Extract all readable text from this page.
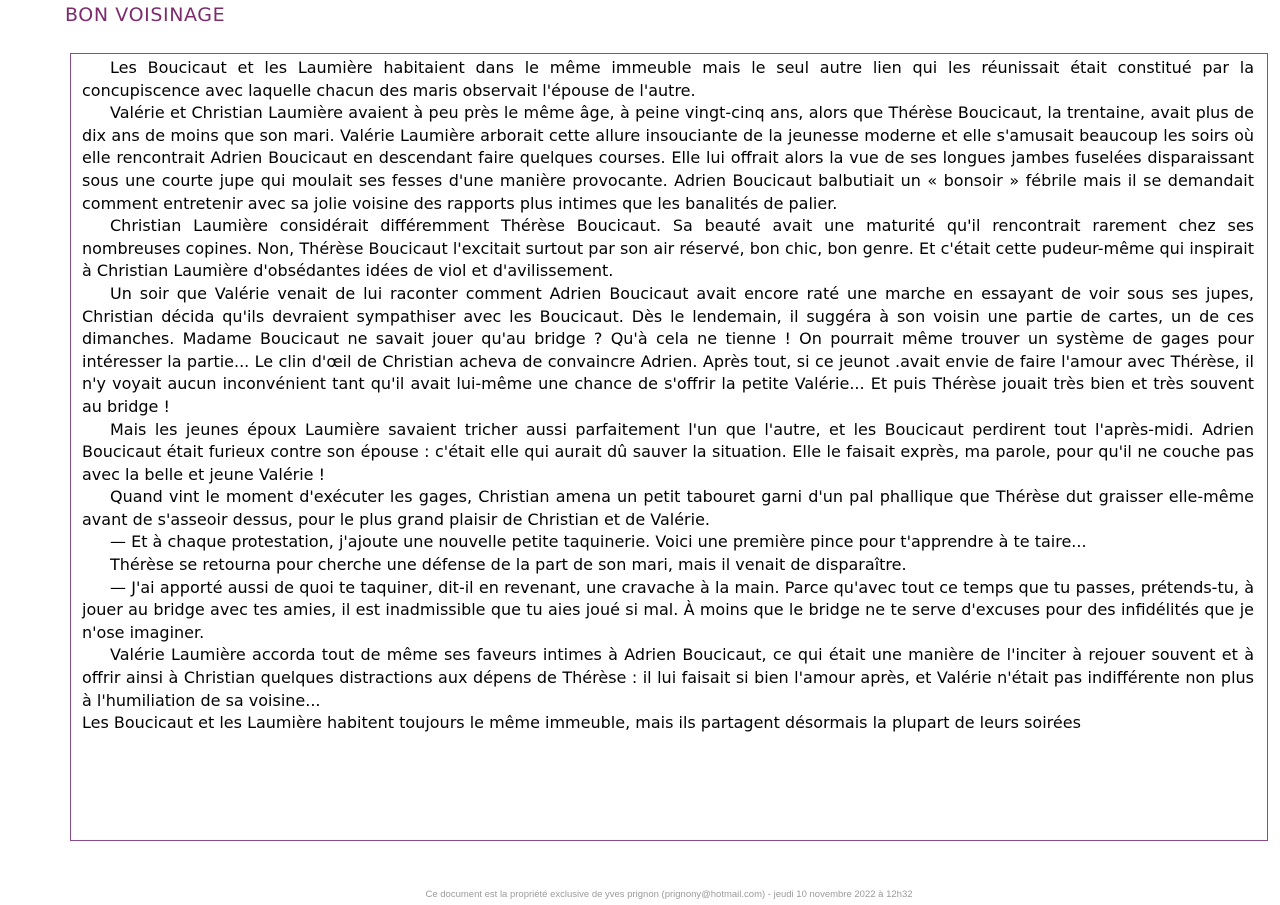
BON VOISINAGE

Les Boucicaut et les Laumière habitaient dans le même immeuble mais le seul autre lien qui les réunissait était constitué par la concupiscence avec laquelle chacun des maris observait l'épouse de l'autre.

Valérie et Christian Laumière avaient à peu près le même âge, à peine vingt-cinq ans, alors que Thérèse Boucicaut, la trentaine, avait plus de dix ans de moins que son mari. Valérie Laumière arborait cette allure insouciante de la jeunesse moderne et elle s'amusait beaucoup les soirs où elle rencontrait Adrien Boucicaut en descendant faire quelques courses. Elle lui offrait alors la vue de ses longues jambes fuselées disparaissant sous une courte jupe qui moulait ses fesses d'une manière provocante. Adrien Boucicaut balbutiait un « bonsoir » fébrile mais il se demandait comment entretenir avec sa jolie voisine des rapports plus intimes que les banalités de palier.

Christian Laumière considérait différemment Thérèse Boucicaut. Sa beauté avait une maturité qu'il rencontrait rarement chez ses nombreuses copines. Non, Thérèse Boucicaut l'excitait surtout par son air réservé, bon chic, bon genre. Et c'était cette pudeur-même qui inspirait à Christian Laumière d'obsédantes idées de viol et d'avilissement.

Un soir que Valérie venait de lui raconter comment Adrien Boucicaut avait encore raté une marche en essayant de voir sous ses jupes, Christian décida qu'ils devraient sympathiser avec les Boucicaut. Dès le lendemain, il suggéra à son voisin une partie de cartes, un de ces dimanches. Madame Boucicaut ne savait jouer qu'au bridge ? Qu'à cela ne tienne ! On pourrait même trouver un système de gages pour intéresser la partie... Le clin d'œil de Christian acheva de convaincre Adrien. Après tout, si ce jeunot .avait envie de faire l'amour avec Thérèse, il n'y voyait aucun inconvénient tant qu'il avait lui-même une chance de s'offrir la petite Valérie... Et puis Thérèse jouait très bien et très souvent au bridge !

Mais les jeunes époux Laumière savaient tricher aussi parfaitement l'un que l'autre, et les Boucicaut perdirent tout l'après-midi. Adrien Boucicaut était furieux contre son épouse : c'était elle qui aurait dû sauver la situation. Elle le faisait exprès, ma parole, pour qu'il ne couche pas avec la belle et jeune Valérie !

Quand vint le moment d'exécuter les gages, Christian amena un petit tabouret garni d'un pal phallique que Thérèse dut graisser elle-même avant de s'asseoir dessus, pour le plus grand plaisir de Christian et de Valérie.

— Et à chaque protestation, j'ajoute une nouvelle petite taquinerie. Voici une première pince pour t'apprendre à te taire...

Thérèse se retourna pour cherche une défense de la part de son mari, mais il venait de disparaître.

— J'ai apporté aussi de quoi te taquiner, dit-il en revenant, une cravache à la main. Parce qu'avec tout ce temps que tu passes, prétends-tu, à jouer au bridge avec tes amies, il est inadmissible que tu aies joué si mal. À moins que le bridge ne te serve d'excuses pour des infidélités que je n'ose imaginer.

Valérie Laumière accorda tout de même ses faveurs intimes à Adrien Boucicaut, ce qui était une manière de l'inciter à rejouer souvent et à offrir ainsi à Christian quelques distractions aux dépens de Thérèse : il lui faisait si bien l'amour après, et Valérie n'était pas indifférente non plus à l'humiliation de sa voisine...

Les Boucicaut et les Laumière habitent toujours le même immeuble, mais ils partagent désormais la plupart de leurs soirées

Ce document est la propriété exclusive de yves prignon (prignony@hotmail.com) - jeudi 10 novembre 2022 à 12h32
